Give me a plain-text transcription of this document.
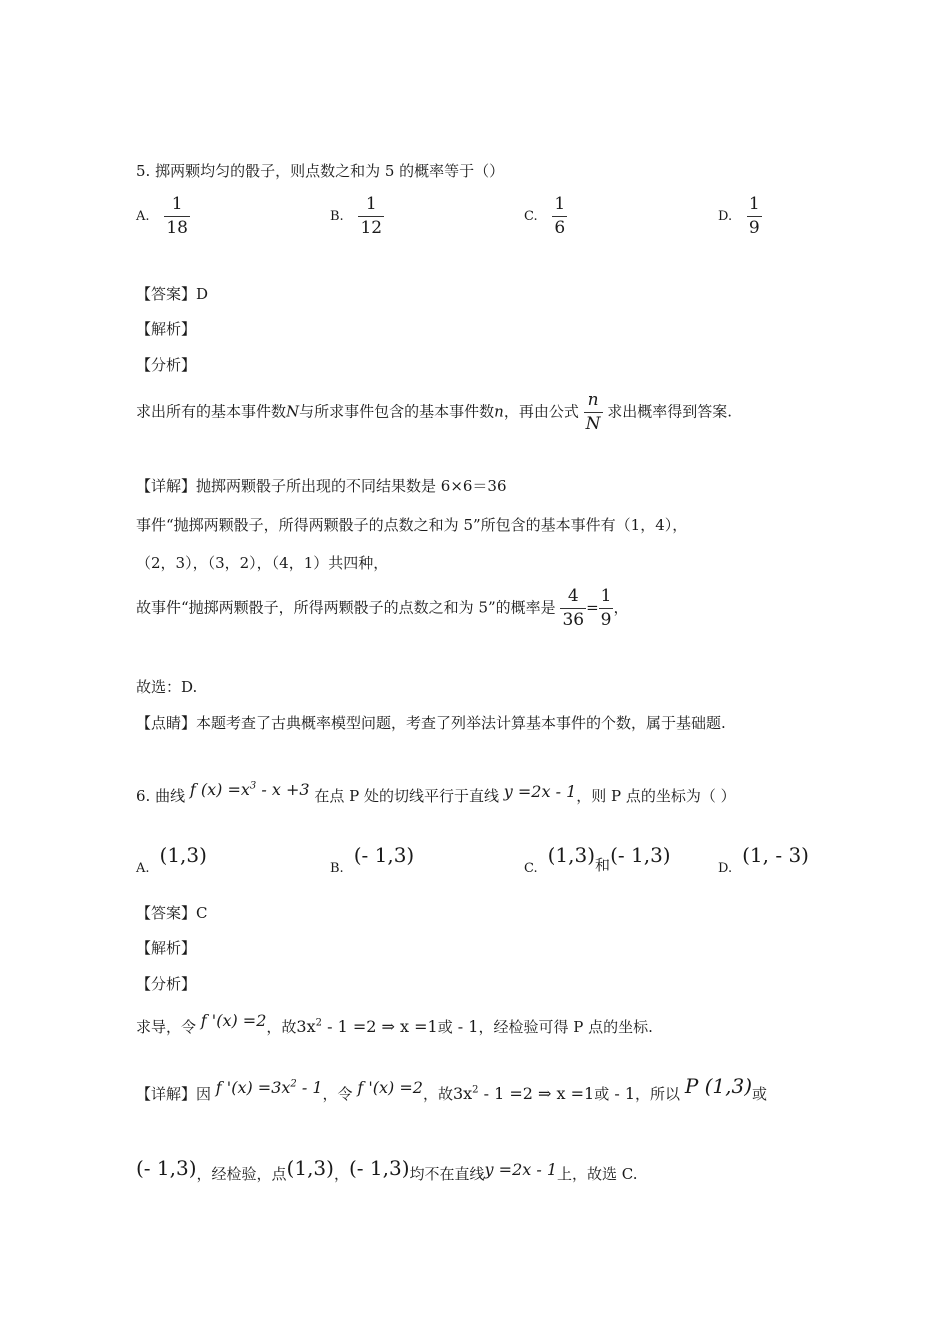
5. 掷两颗均匀的骰子，则点数之和为 5 的概率等于（）
A. $\frac{1}{18}$	B. $\frac{1}{12}$	C. $\frac{1}{6}$	D. $\frac{1}{9}$
【答案】D
【解析】
【分析】
求出所有的基本事件数N与所求事件包含的基本事件数n，再由公式 $\frac{n}{N}$ 求出概率得到答案.
【详解】抛掷两颗骰子所出现的不同结果数是 6×6＝36
事件“抛掷两颗骰子，所得两颗骰子的点数之和为 5”所包含的基本事件有（1，4），
（2，3），（3，2），（4，1）共四种，
故事件“抛掷两颗骰子，所得两颗骰子的点数之和为 5”的概率是 $\frac{4}{36} = \frac{1}{9}$ ，
故选：D.
【点睛】本题考查了古典概率模型问题，考查了列举法计算基本事件的个数，属于基础题.
6. 曲线 f $(x) =x^3 - x +3$ 在点 P 处的切线平行于直线 y =2x - 1，则 P 点的坐标为（ ）
A.(1,3)
B.(- 1,3)
C.(1,3)和(- 1,3)
D.(1, - 3)
【答案】C
【解析】
【分析】
求导，令 f '(x) =2，故$3x^2 - 1 =2$ ⇒ x =1或 - 1，经检验可得 P 点的坐标.
【详解】因 f '$(x) =3x^2 - 1$，令 f '(x) =2，故$3x^2 - 1 =2$ ⇒ x =1或 - 1，所以 P (1,3)或
(- 1,3)，经检验，点(1,3)，(- 1,3)均不在直线y =2x - 1上，故选 C.
